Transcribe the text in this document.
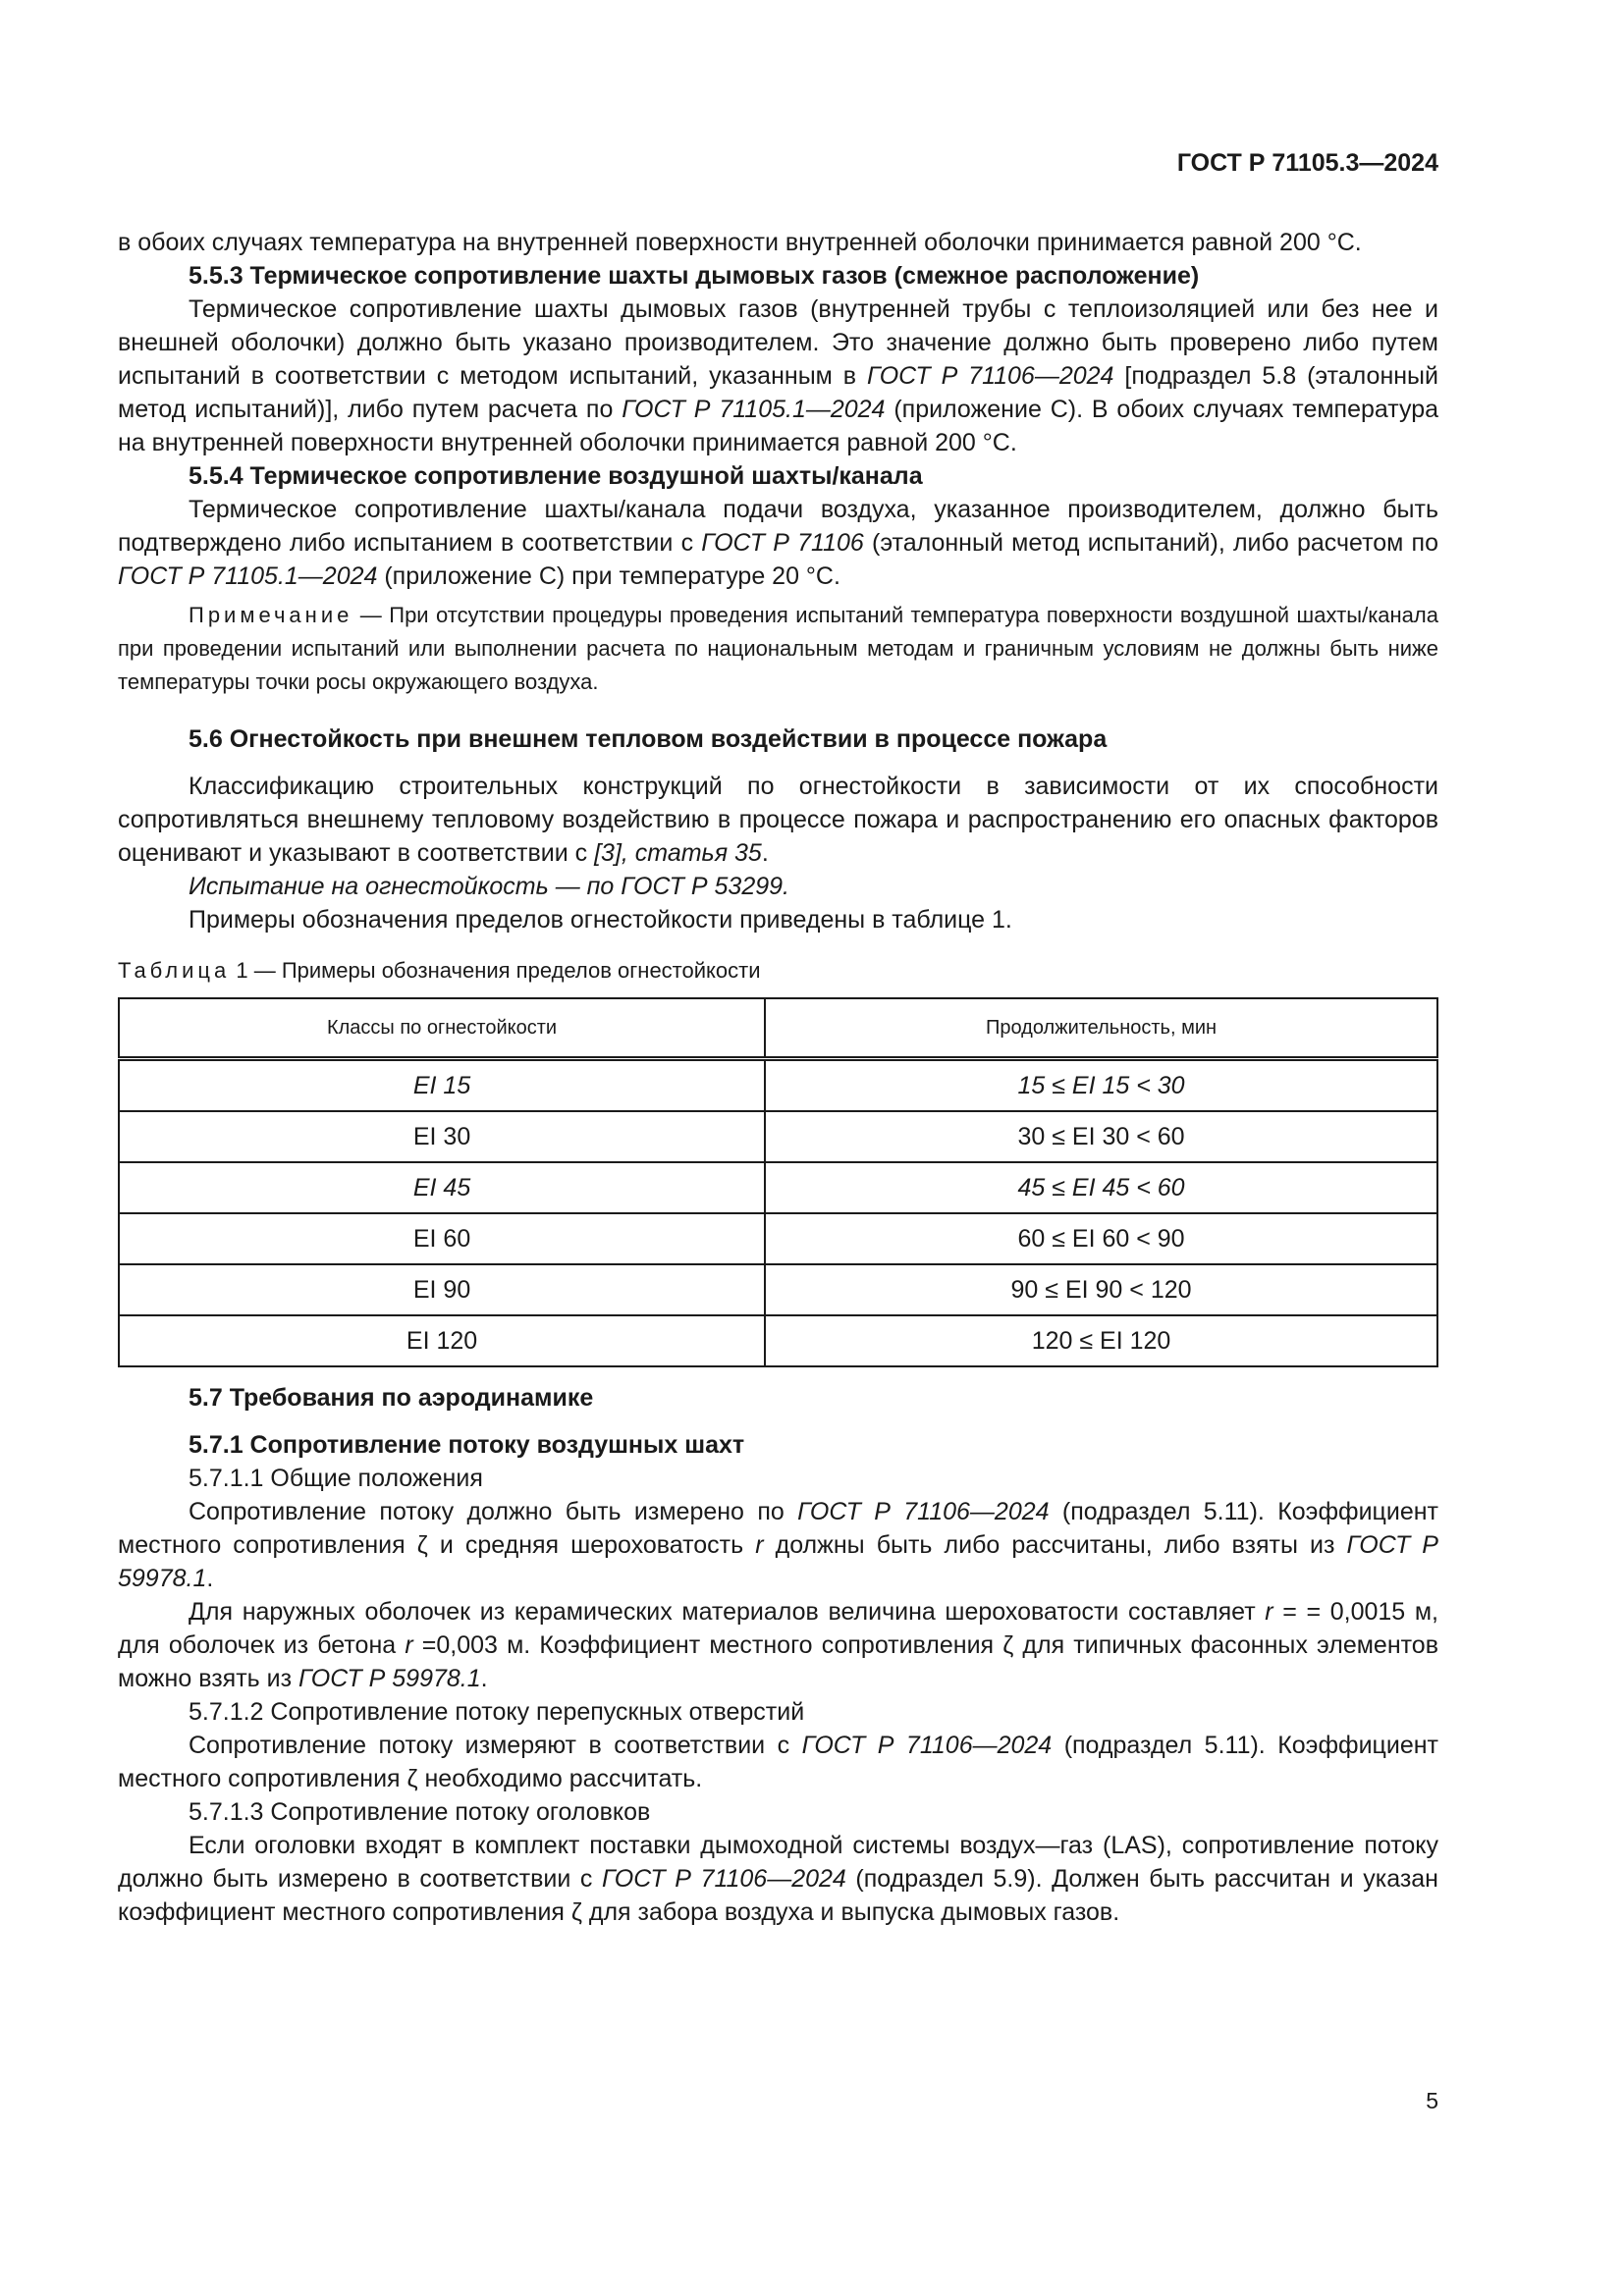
ГОСТ Р 71105.3—2024

в обоих случаях температура на внутренней поверхности внутренней оболочки принимается равной 200 °C.

5.5.3 Термическое сопротивление шахты дымовых газов (смежное расположение)

Термическое сопротивление шахты дымовых газов (внутренней трубы с теплоизоляцией или без нее и внешней оболочки) должно быть указано производителем. Это значение должно быть проверено либо путем испытаний в соответствии с методом испытаний, указанным в ГОСТ Р 71106—2024 [подраздел 5.8 (эталонный метод испытаний)], либо путем расчета по ГОСТ Р 71105.1—2024 (приложение С). В обоих случаях температура на внутренней поверхности внутренней оболочки принимается равной 200 °C.

5.5.4 Термическое сопротивление воздушной шахты/канала

Термическое сопротивление шахты/канала подачи воздуха, указанное производителем, должно быть подтверждено либо испытанием в соответствии с ГОСТ Р 71106 (эталонный метод испытаний), либо расчетом по ГОСТ Р 71105.1—2024 (приложение С) при температуре 20 °C.

Примечание — При отсутствии процедуры проведения испытаний температура поверхности воздушной шахты/канала при проведении испытаний или выполнении расчета по национальным методам и граничным условиям не должны быть ниже температуры точки росы окружающего воздуха.

5.6 Огнестойкость при внешнем тепловом воздействии в процессе пожара

Классификацию строительных конструкций по огнестойкости в зависимости от их способности сопротивляться внешнему тепловому воздействию в процессе пожара и распространению его опасных факторов оценивают и указывают в соответствии с [3], статья 35.

Испытание на огнестойкость — по ГОСТ Р 53299.

Примеры обозначения пределов огнестойкости приведены в таблице 1.

Таблица 1 — Примеры обозначения пределов огнестойкости
Классы по огнестойкости	Продолжительность, мин
EI 15	15 ≤ EI 15 < 30
EI 30	30 ≤ EI 30 < 60
EI 45	45 ≤ EI 45 < 60
EI 60	60 ≤ EI 60 < 90
EI 90	90 ≤ EI 90 < 120
EI 120	120 ≤ EI 120

5.7 Требования по аэродинамике

5.7.1 Сопротивление потоку воздушных шахт

5.7.1.1 Общие положения

Сопротивление потоку должно быть измерено по ГОСТ Р 71106—2024 (подраздел 5.11). Коэффициент местного сопротивления ζ и средняя шероховатость r должны быть либо рассчитаны, либо взяты из ГОСТ Р 59978.1.

Для наружных оболочек из керамических материалов величина шероховатости составляет r = = 0,0015 м, для оболочек из бетона r =0,003 м. Коэффициент местного сопротивления ζ для типичных фасонных элементов можно взять из ГОСТ Р 59978.1.

5.7.1.2 Сопротивление потоку перепускных отверстий

Сопротивление потоку измеряют в соответствии с ГОСТ Р 71106—2024 (подраздел 5.11). Коэффициент местного сопротивления ζ необходимо рассчитать.

5.7.1.3 Сопротивление потоку оголовков

Если оголовки входят в комплект поставки дымоходной системы воздух—газ (LAS), сопротивление потоку должно быть измерено в соответствии с ГОСТ Р 71106—2024 (подраздел 5.9). Должен быть рассчитан и указан коэффициент местного сопротивления ζ для забора воздуха и выпуска дымовых газов.

5
